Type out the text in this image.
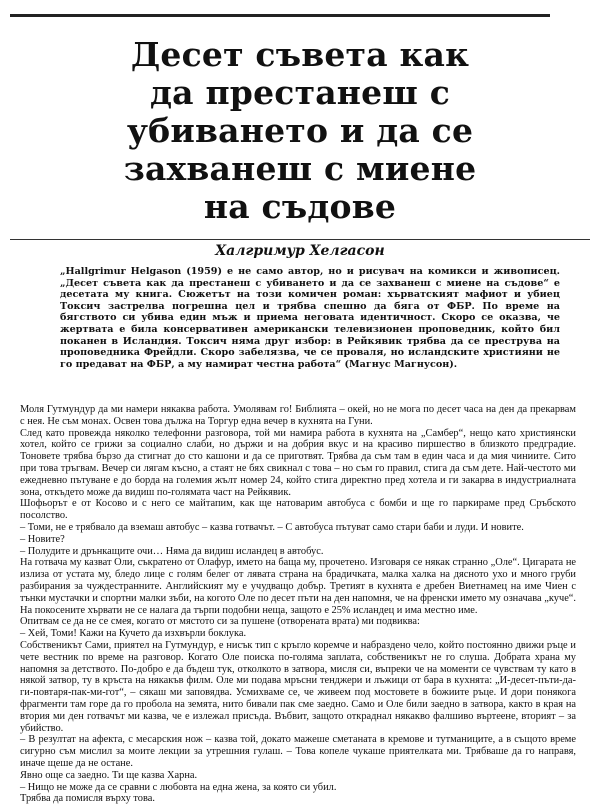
Десет съвета как
да престанеш с
убиването и да се
захванеш с миене
на съдове
Халгримур Хелгасон

„Hallgrimur Helgason (1959) е не само автор, но и рисувач на комикси и живописец. „Десет съвета как да престанеш с убиването и да се захванеш с миене на съдове“ е десетата му книга. Сюжетът на този комичен роман: хърватският мафиот и убиец Токсич застрелва погрешна цел и трябва спешно да бяга от ФБР. По време на бягството си убива един мъж и приема неговата идентичност. Скоро се оказва, че жертвата е била консервативен американски телевизионен проповедник, който бил поканен в Исландия. Токсич няма друг избор: в Рейкявик трябва да се преструва на проповедника Фрейдли. Скоро забелязва, че се проваля, но исландските християни не го предават на ФБР, а му намират честна работа“ (Магнус Магнусон).

Моля Гутмундур да ми намери някаква работа. Умолявам го! Библията – окей, но не мога по десет часа на ден да прекарвам с нея. Не съм монах. Освен това дължа на Торгур една вечер в кухнята на Гуни.

След като провежда няколко телефонни разговора, той ми намира работа в кухнята на „Самбер“, нещо като християнски хотел, който се грижи за социално слаби, но държи и на добрия вкус и на красиво пиршество в близкото предградие. Тоновете трябва бързо да стигнат до сто кашони и да се приготвят. Трябва да съм там в един часа и да мия чиниите. Сито при това тръгвам. Вечер си лягам късно, а стаят не бях свикнал с това – но съм го правил, стига да съм дете. Най-честото ми ежедневно пътуване е до борда на големия жълт номер 24, който стига директно пред хотела и ги закарва в индустриалната зона, откъдето може да видиш по-голямата част на Рейкявик.

Шофьорът е от Косово и с него се майтапим, как ще натоварим автобуса с бомби и ще го паркираме пред Сръбското посолство.

– Томи, не е трябвало да вземаш автобус – казва готвачът. – С автобуса пътуват само стари баби и луди. И новите.

– Новите?

– Полудите и дрънкащите очи… Няма да видиш исландец в автобус.

На готвача му казват Оли, съкратено от Олафур, името на баща му, прочетено. Изговаря се някак странно „Оле“. Цигарата не излиза от устата му, бледо лице с голям белег от лявата страна на брадичката, малка халка на дясното ухо и много груби разбирания за чуждестранните. Английският му е учудващо добър. Третият в кухнята е дребен Виетнамец на име Чиен с тънки мустачки и спортни малки зъби, на когото Оле по десет пъти на ден напомня, че на френски името му означава „куче“. На покосените хървати не се налага да търпи подобни неща, защото е 25% исландец и има местно име.

Опитвам се да не се смея, когато от мястото си за пушене (отворената врата) ми подвиква:

– Хей, Томи! Кажи на Кучето да изхвърли боклука.

Собственикът Сами, приятел на Гутмундур, е нисък тип с кръгло коремче и набраздено чело, който постоянно движи ръце и чете вестник по време на разговор. Когато Оле поиска по-голяма заплата, собственикът не го слуша. Добрата храна му напомня за детството. По-добро е да бъдеш тук, отколкото в затвора, мисля си, въпреки че на моменти се чувствам ту като в някой затвор, ту в кръста на някакъв филм. Оле ми подава мръсни тенджери и лъжици от бара в кухнята: „И-десет-пъти-да-ги-повтаря-пак-ми-гот“, – сякаш ми заповядва. Усмихваме се, че живеем под мостовете в божиите ръце. И дори понякога фрагменти там горе да го пробола на земята, нито бивали пак сме заедно. Само и Оле били заедно в затвора, както в края на втория ми ден готвачът ми казва, че е излежал присъда. Въбвит, защото откраднал някакво фалшиво въртеене, вторият – за убийство.

– В резултат на афекта, с месарския нож – казва той, докато мажеше сметаната в кремове и тутманиците, а в същото време сигурно съм мислил за моите лекции за утрешния гулаш. – Това копеле чукаше приятелката ми. Трябваше да го направя, иначе щеше да не остане.

Явно още са заедно. Ти ще казва Харна.

– Нищо не може да се сравни с любовта на една жена, за която си убил.

Трябва да помисля върху това.
